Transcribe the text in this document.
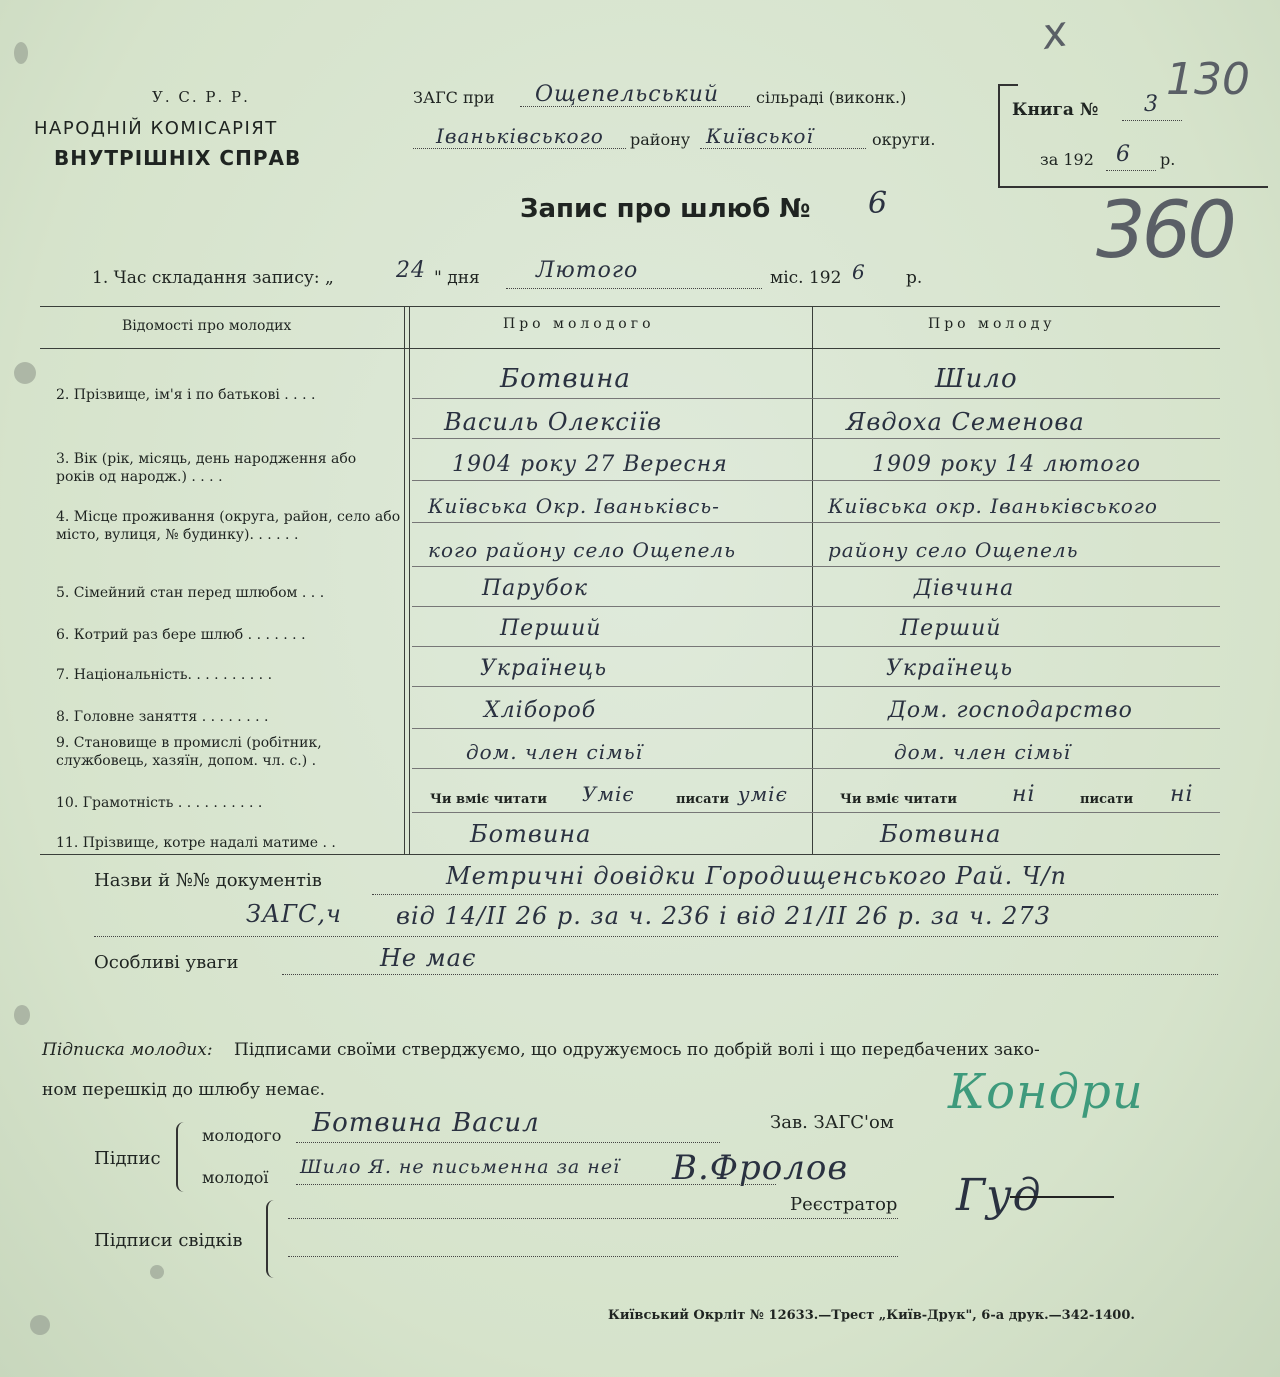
У. С. Р. Р.
НАРОДНІЙ КОМІСАРІЯТ
ВНУТРІШНІХ СПРАВ
ЗАГС при Ощепельський сільраді (виконк.)
Іваньківського району Київської	округи.
Книга № 3
за 192 6 р.
х
130
360
Запис про шлюб № 6
1. Час складання запису: „	24 " дня	Лютого	міс. 192 6 р.
Відомості про молодих	Про молодого	Про молоду
2. Прізвище, ім'я і по батькові . . . .
Ботвина	Шило
Василь Олексіїв	Явдоха Семенова
3. Вік (рік, місяць, день народження або років од народж.) . . . .	1904 року 27 Вересня	1909 року 14 лютого
4. Місце проживання (округа, район, село або місто, вулиця, № будинку). . . . . .
Київська Окр. Іваньківсь-	Київська окр. Іваньківського
кого району село Ощепель	району село Ощепель
5. Сімейний стан перед шлюбом . . .	Парубок	Дівчина
6. Котрий раз бере шлюб . . . . . . .	Перший	Перший
7. Національність. . . . . . . . . .	Українець	Українець
8. Головне заняття . . . . . . . .	Хлібороб	Дом. господарство
9. Становище в промислі (робітник, службовець, хазяїн, допом. чл. с.) .	дом. член сімьї	дом. член сімьї
10. Грамотність . . . . . . . . . .	Чи вміє читати Уміє	писати уміє	Чи вміє читати ні	писати ні
11. Прізвище, котре надалі матиме . .	Ботвина	Ботвина
Назви й №№ документів	Метричні довідки Городищенського Рай. Ч/п
ЗАГС,ч від 14/ІІ 26 р. за ч. 236 і від 21/ІІ 26 р. за ч. 273
Особливі уваги	Не має
Підписка молодих: Підписами своїми стверджуємо, що одружуємось по добрій волі і що передбачених зако-
ном перешкід до шлюбу немає.
Підпис
молодого Ботвина Васил
молодої Шило Я. не письменна за неї В.Фролов
Зав. ЗАГС'ом
Кондри
Реєстратор Гуд
Підписи свідків
Київський Окрліт № 12633.—Трест „Київ-Друк", 6-а друк.—342-1400.
